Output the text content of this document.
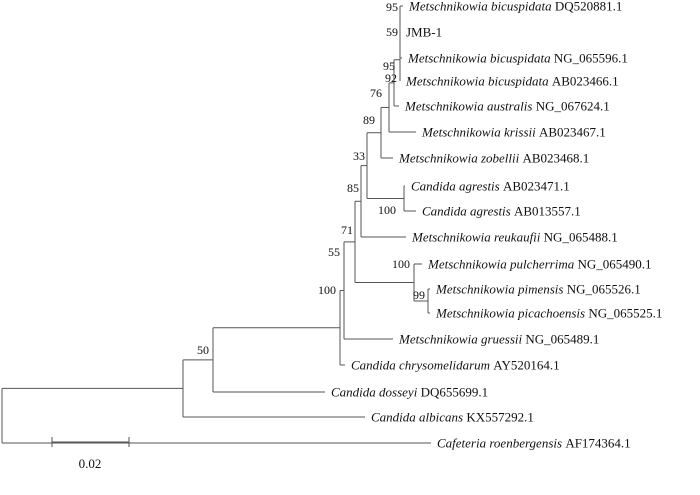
Metschnikowia bicuspidata DQ520881.1
JMB-1
Metschnikowia bicuspidata NG_065596.1
Metschnikowia bicuspidata AB023466.1
Metschnikowia australis NG_067624.1
Metschnikowia krissii AB023467.1
Metschnikowia zobellii AB023468.1
Candida agrestis AB023471.1
Candida agrestis AB013557.1
Metschnikowia reukaufii NG_065488.1
Metschnikowia pulcherrima NG_065490.1
Metschnikowia pimensis NG_065526.1
Metschnikowia picachoensis NG_065525.1
Metschnikowia gruessii NG_065489.1
Candida chrysomelidarum AY520164.1
Candida dosseyi DQ655699.1
Candida albicans KX557292.1
Cafeteria roenbergensis AF174364.1
95
59
95
92
76
89
33
100
85
71
100
99
55
100
50
0.02
